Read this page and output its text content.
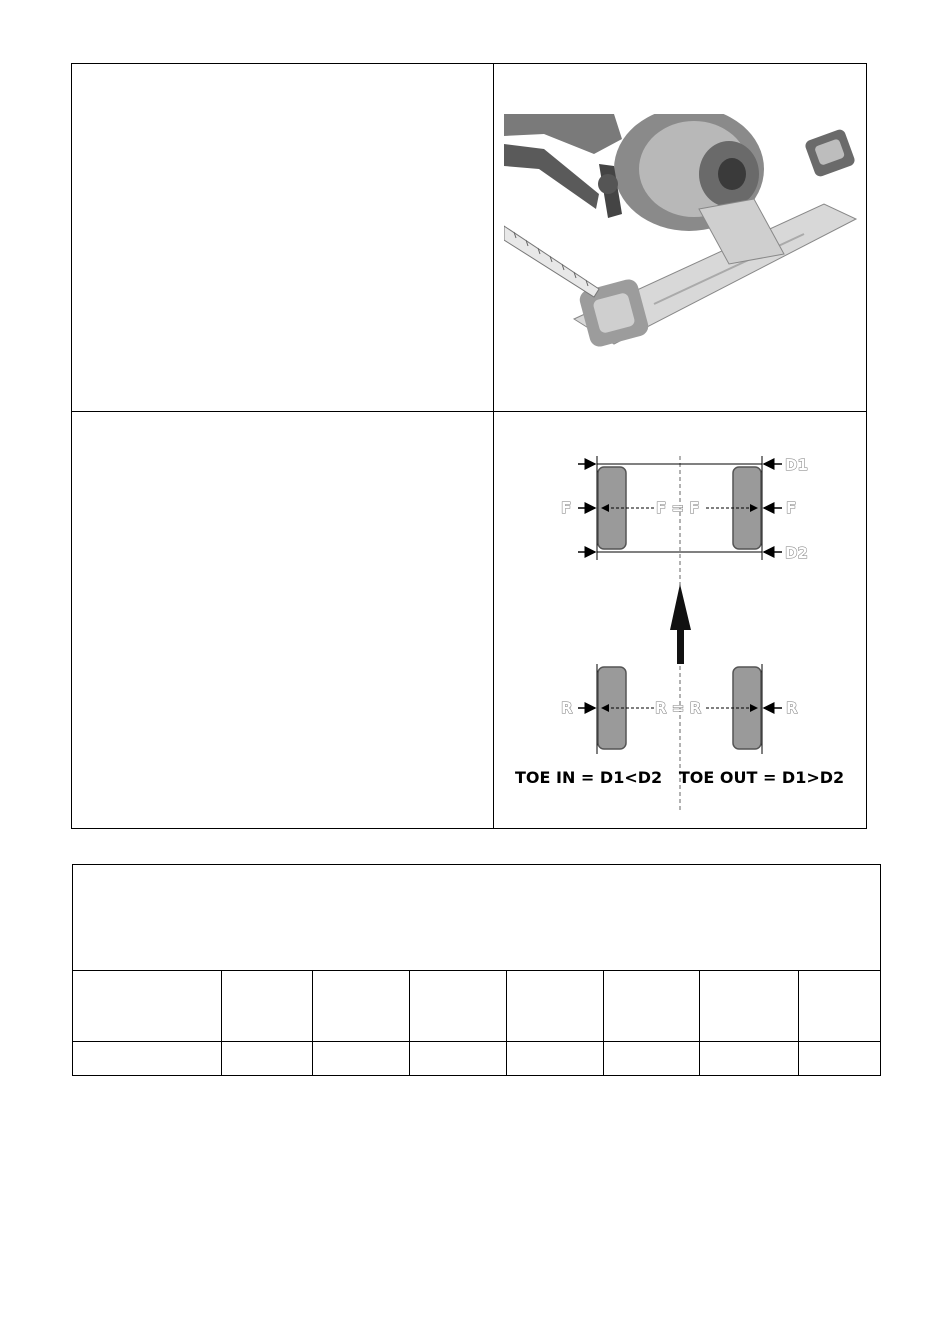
D1
D2
F	F
F = F
R	R
R = R
TOE IN = D1<D2   TOE OUT = D1>D2
